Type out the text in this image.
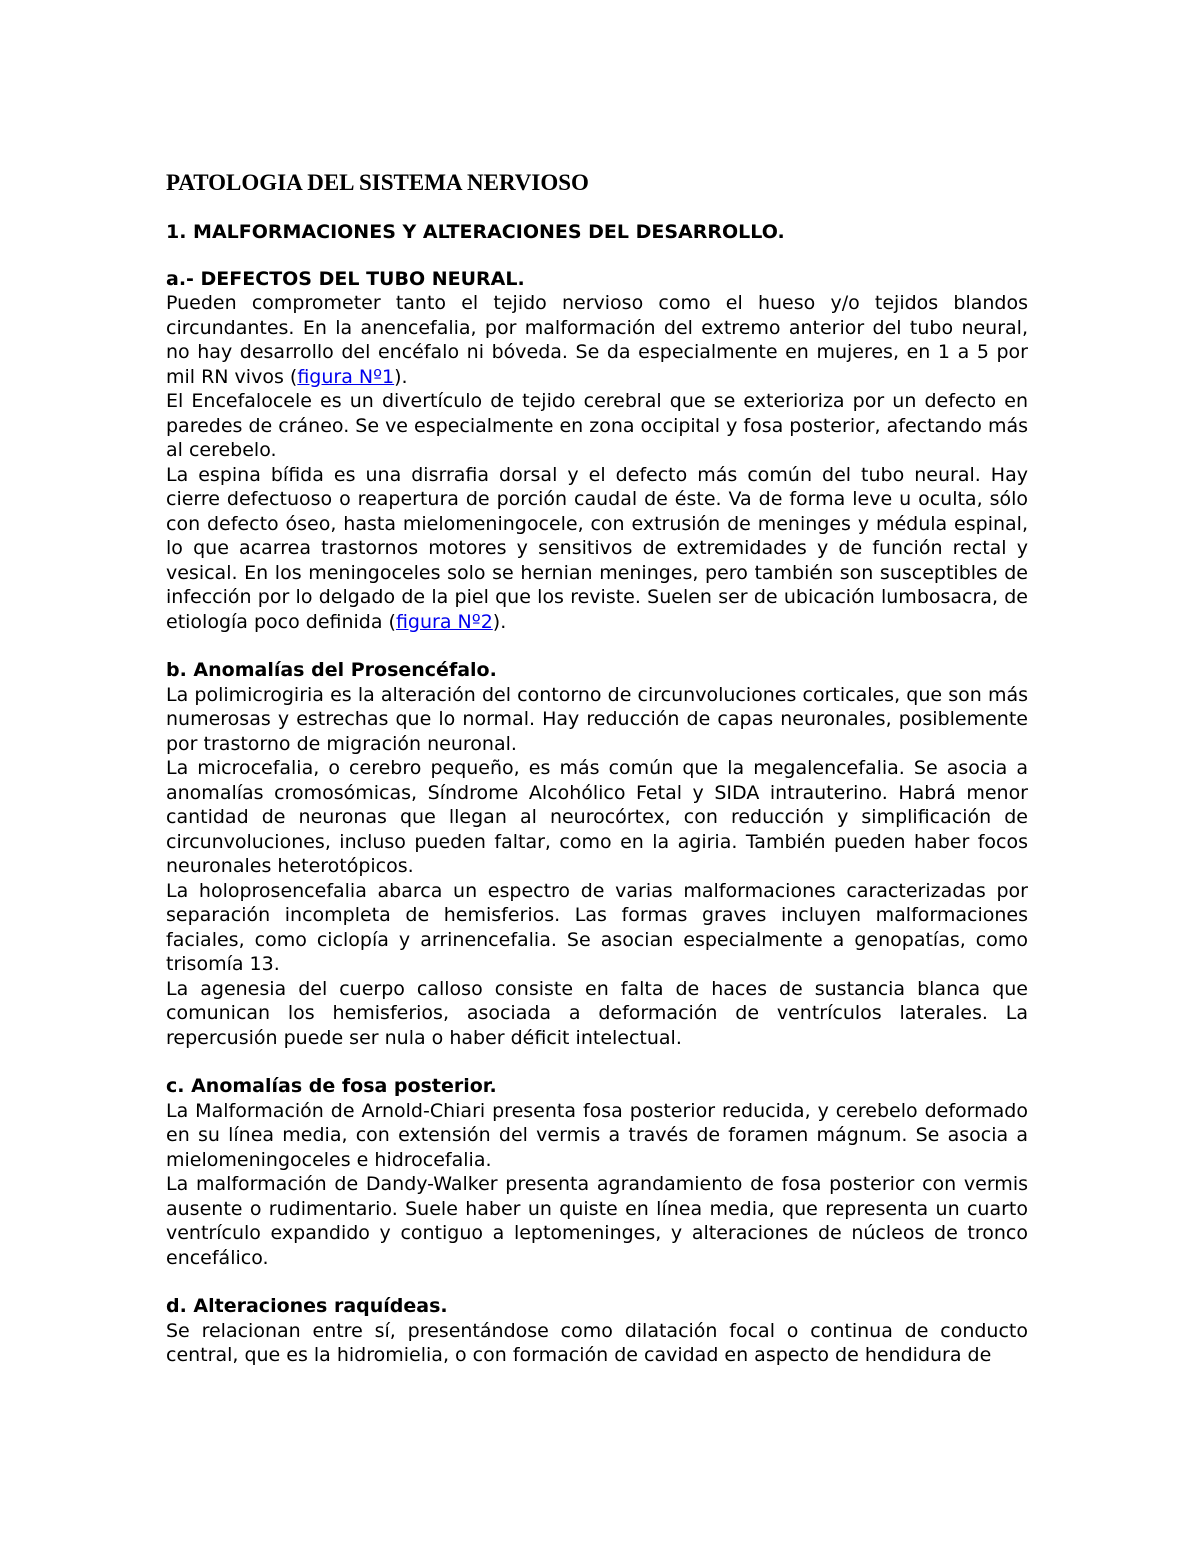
PATOLOGIA DEL SISTEMA NERVIOSO
1. MALFORMACIONES Y ALTERACIONES DEL DESARROLLO.
a.- DEFECTOS DEL TUBO NEURAL.

Pueden comprometer tanto el tejido nervioso como el hueso y/o tejidos blandos circundantes. En la anencefalia, por malformación del extremo anterior del tubo neural, no hay desarrollo del encéfalo ni bóveda. Se da especialmente en mujeres, en 1 a 5 por mil RN vivos (figura Nº1).

El Encefalocele es un divertículo de tejido cerebral que se exterioriza por un defecto en paredes de cráneo. Se ve especialmente en zona occipital y fosa posterior, afectando más al cerebelo.

La espina bífida es una disrrafia dorsal y el defecto más común del tubo neural. Hay cierre defectuoso o reapertura de porción caudal de éste. Va de forma leve u oculta, sólo con defecto óseo, hasta mielomeningocele, con extrusión de meninges y médula espinal, lo que acarrea trastornos motores y sensitivos de extremidades y de función rectal y vesical. En los meningoceles solo se hernian meninges, pero también son susceptibles de infección por lo delgado de la piel que los reviste. Suelen ser de ubicación lumbosacra, de etiología poco definida (figura Nº2).

b. Anomalías del Prosencéfalo.

La polimicrogiria es la alteración del contorno de circunvoluciones corticales, que son más numerosas y estrechas que lo normal. Hay reducción de capas neuronales, posiblemente por trastorno de migración neuronal.

La microcefalia, o cerebro pequeño, es más común que la megalencefalia. Se asocia a anomalías cromosómicas, Síndrome Alcohólico Fetal y SIDA intrauterino. Habrá menor cantidad de neuronas que llegan al neurocórtex, con reducción y simplificación de circunvoluciones, incluso pueden faltar, como en la agiria. También pueden haber focos neuronales heterotópicos.

La holoprosencefalia abarca un espectro de varias malformaciones caracterizadas por separación incompleta de hemisferios. Las formas graves incluyen malformaciones faciales, como ciclopía y arrinencefalia. Se asocian especialmente a genopatías, como trisomía 13.

La agenesia del cuerpo calloso consiste en falta de haces de sustancia blanca que comunican los hemisferios, asociada a deformación de ventrículos laterales. La repercusión puede ser nula o haber déficit intelectual.

c. Anomalías de fosa posterior.

La Malformación de Arnold-Chiari presenta fosa posterior reducida, y cerebelo deformado en su línea media, con extensión del vermis a través de foramen mágnum. Se asocia a mielomeningoceles e hidrocefalia.

La malformación de Dandy-Walker presenta agrandamiento de fosa posterior con vermis ausente o rudimentario. Suele haber un quiste en línea media, que representa un cuarto ventrículo expandido y contiguo a leptomeninges, y alteraciones de núcleos de tronco encefálico.

d. Alteraciones raquídeas.

Se relacionan entre sí, presentándose como dilatación focal o continua de conducto central, que es la hidromielia, o con formación de cavidad en aspecto de hendidura de
